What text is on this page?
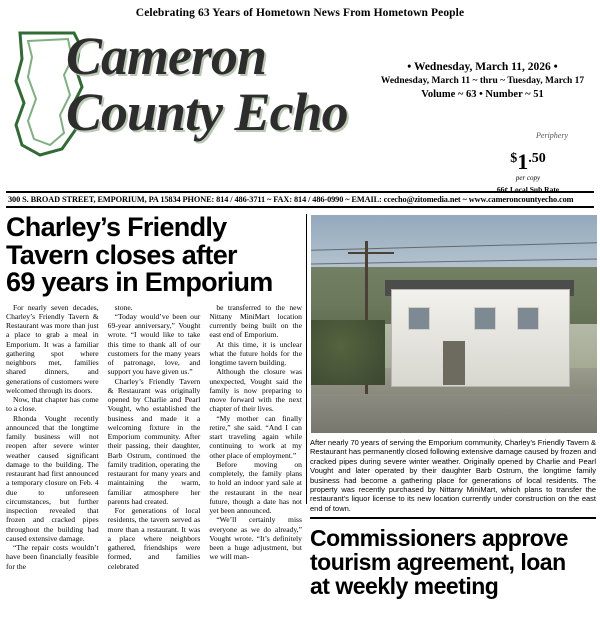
Celebrating 63 Years of Hometown News From Hometown People
Cameron
County Echo
• Wednesday, March 11, 2026 •
Wednesday, March 11 ~ thru ~ Tuesday, March 17
Volume ~ 63 • Number ~ 51
Periphery
$^{\$}1^{.50}$
per copy
66¢ Local Sub Rate
300 S. BROAD STREET, EMPORIUM, PA 15834 PHONE: 814 / 486-3711 ~ FAX: 814 / 486-0990 ~ EMAIL: ccecho@zitomedia.net ~ www.cameroncountyecho.com
Charley’s Friendly
Tavern closes after
69 years in Emporium

For nearly seven decades, Charley’s Friendly Tavern & Restaurant was more than just a place to grab a meal in Emporium. It was a familiar gathering spot where neighbors met, families shared dinners, and generations of customers were welcomed through its doors.

Now, that chapter has come to a close.

Rhonda Vought recently announced that the longtime family business will not reopen after severe winter weather caused significant damage to the building. The restaurant had first announced a temporary closure on Feb. 4 due to unforeseen circumstances, but further inspection revealed that frozen and cracked pipes throughout the building had caused extensive damage.

“The repair costs wouldn’t have been financially feasible for the

stone.

“Today would’ve been our 69-year anniversary,” Vought wrote. “I would like to take this time to thank all of our customers for the many years of patronage, love, and support you have given us.”

Charley’s Friendly Tavern & Restaurant was originally opened by Charlie and Pearl Vought, who established the business and made it a welcoming fixture in the Emporium community. After their passing, their daughter, Barb Ostrum, continued the family tradition, operating the restaurant for many years and maintaining the warm, familiar atmosphere her parents had created.

For generations of local residents, the tavern served as more than a restaurant. It was a place where neighbors gathered, friendships were formed, and families celebrated

be transferred to the new Nittany MiniMart location currently being built on the east end of Emporium.

At this time, it is unclear what the future holds for the longtime tavern building.

Although the closure was unexpected, Vought said the family is now preparing to move forward with the next chapter of their lives.

“My mother can finally retire,” she said. “And I can start traveling again while continuing to work at my other place of employment.”

Before moving on completely, the family plans to hold an indoor yard sale at the restaurant in the near future, though a date has not yet been announced.

“We’ll certainly miss everyone as we do already,” Vought wrote. “It’s definitely been a huge adjustment, but we will man-

After nearly 70 years of serving the Emporium community, Charley’s Friendly Tavern & Restaurant has permanently closed following extensive damage caused by frozen and cracked pipes during severe winter weather. Originally opened by Charlie and Pearl Vought and later operated by their daughter Barb Ostrum, the longtime family business had become a gathering place for generations of local residents. The property was recently purchased by Nittany MiniMart, which plans to transfer the restaurant’s liquor license to its new location currently under construction on the east end of town.
Commissioners approve
tourism agreement, loan
at weekly meeting
